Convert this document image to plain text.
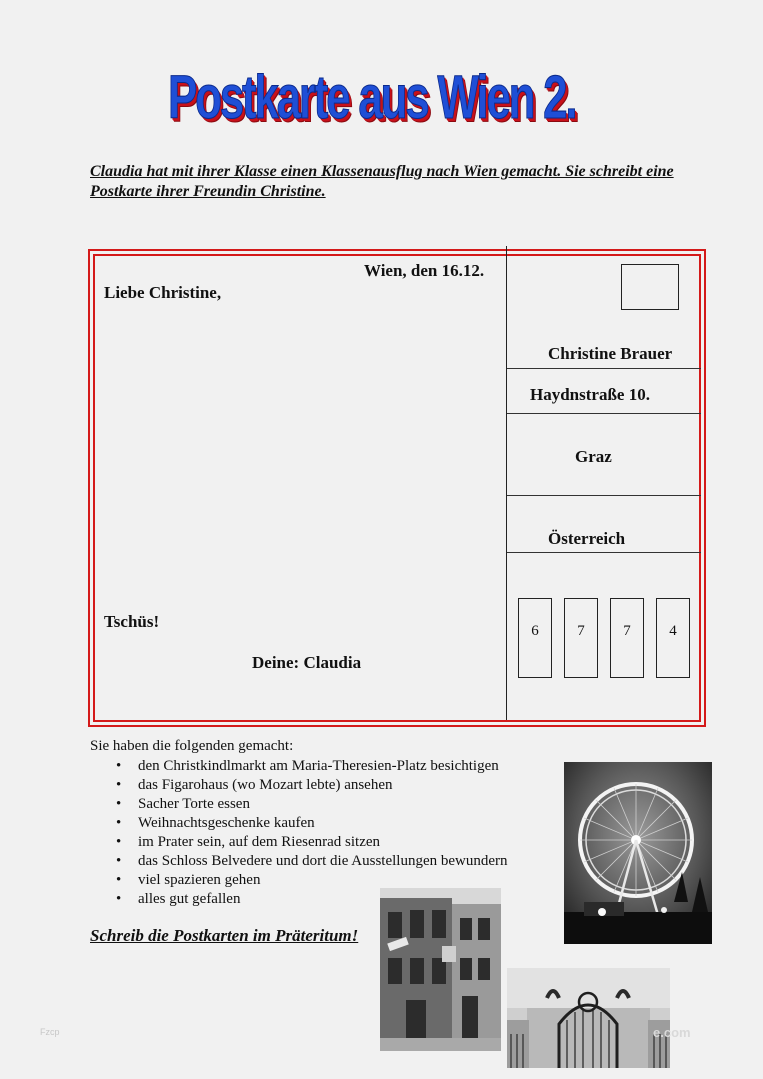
Postkarte aus Wien 2.
Claudia hat mit ihrer Klasse einen Klassenausflug nach Wien gemacht. Sie schreibt eine Postkarte ihrer Freundin Christine.
Wien, den 16.12.
Liebe Christine,
Tschüs!
Deine: Claudia
Christine Brauer
Haydnstraße 10.
Graz
Österreich
6	7	7	4
Sie haben die folgenden gemacht:
• den Christkindlmarkt am Maria-Theresien-Platz besichtigen
• das Figarohaus (wo Mozart lebte) ansehen
• Sacher Torte essen
• Weihnachtsgeschenke kaufen
• im Prater sein, auf dem Riesenrad sitzen
• das Schloss Belvedere und dort die Ausstellungen bewundern
• viel spazieren gehen
• alles gut gefallen
Schreib die Postkarten im Präteritum!
e.com
Fzcp
